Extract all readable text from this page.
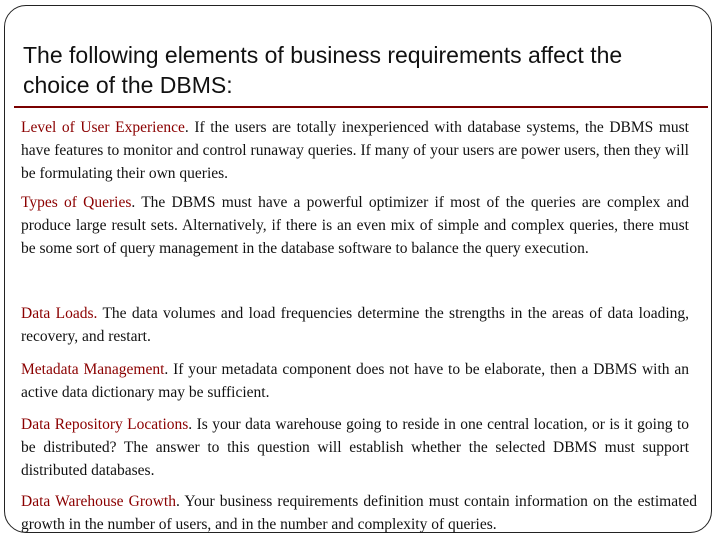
The following elements of business requirements affect the choice of the DBMS:

Level of User Experience. If the users are totally inexperienced with database systems, the DBMS must have features to monitor and control runaway queries. If many of your users are power users, then they will be formulating their own queries.

Types of Queries. The DBMS must have a powerful optimizer if most of the queries are complex and produce large result sets. Alternatively, if there is an even mix of simple and complex queries, there must be some sort of query management in the database software to balance the query execution.

Data Loads. The data volumes and load frequencies determine the strengths in the areas of data loading, recovery, and restart.

Metadata Management. If your metadata component does not have to be elaborate, then a DBMS with an active data dictionary may be sufficient.

Data Repository Locations. Is your data warehouse going to reside in one central location, or is it going to be distributed? The answer to this question will establish whether the selected DBMS must support distributed databases.

Data Warehouse Growth. Your business requirements definition must contain information on the estimated growth in the number of users, and in the number and complexity of queries.
